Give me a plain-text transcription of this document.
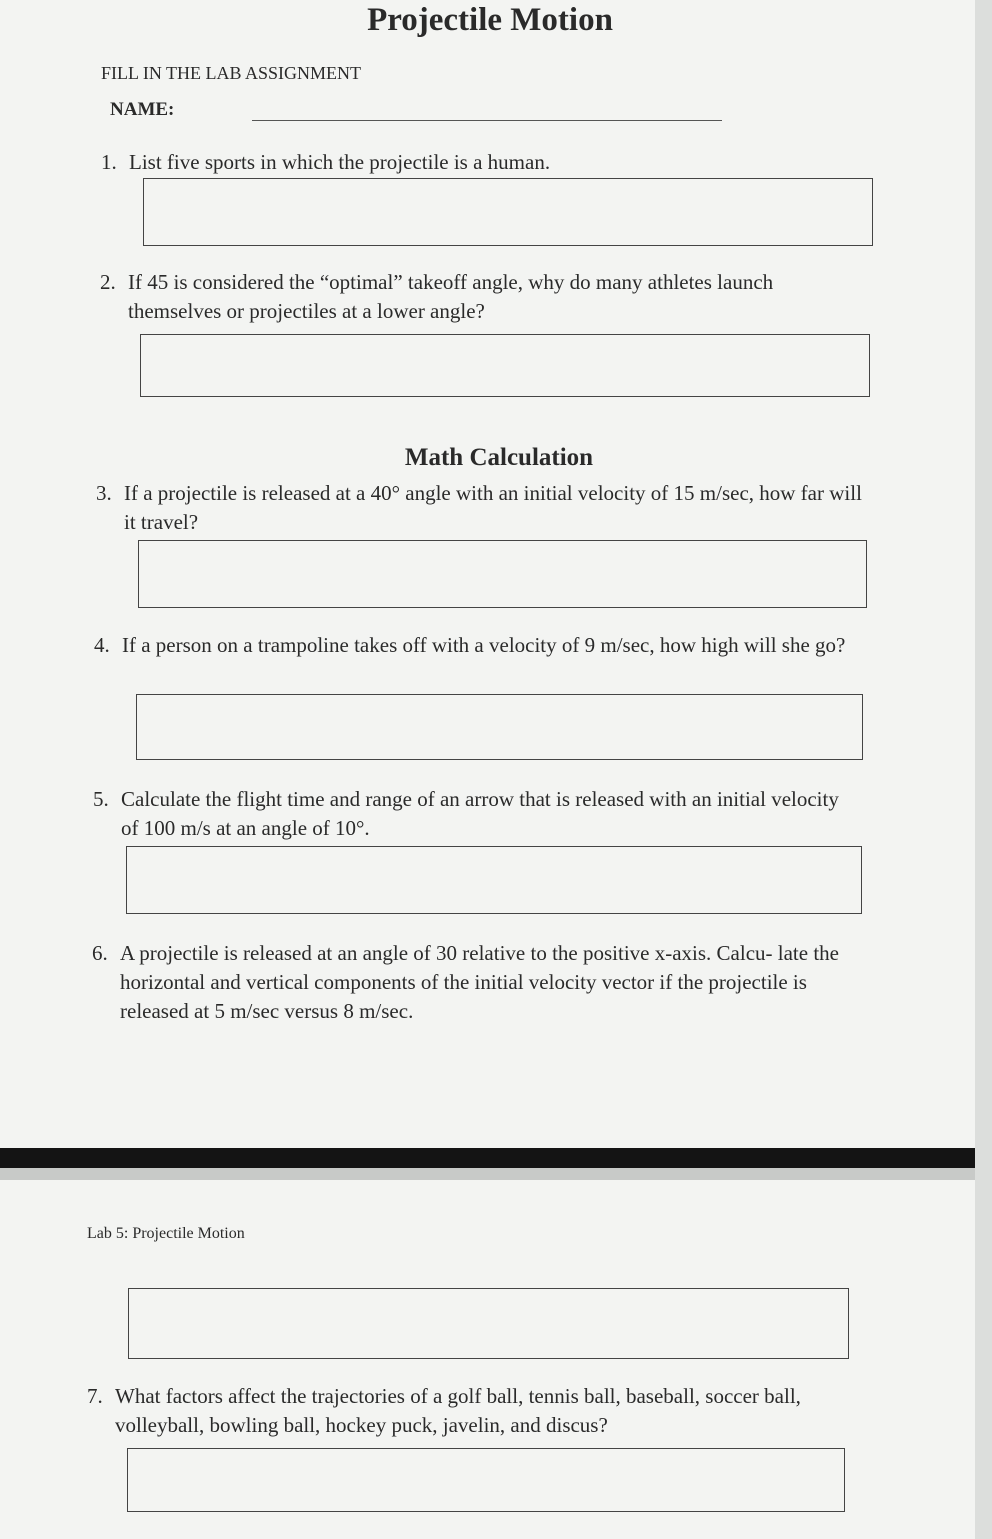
Projectile Motion
FILL IN THE LAB ASSIGNMENT
NAME:
1. List five sports in which the projectile is a human.
2. If 45 is considered the “optimal” takeoff angle, why do many athletes launch themselves or projectiles at a lower angle?
Math Calculation
3. If a projectile is released at a 40° angle with an initial velocity of 15 m/sec, how far will it travel?
4. If a person on a trampoline takes off with a velocity of 9 m/sec, how high will she go?
5. Calculate the flight time and range of an arrow that is released with an initial velocity of 100 m/s at an angle of 10°.
6. A projectile is released at an angle of 30 relative to the positive x-axis. Calcu- late the horizontal and vertical components of the initial velocity vector if the projectile is released at 5 m/sec versus 8 m/sec.
Lab 5: Projectile Motion
7. What factors affect the trajectories of a golf ball, tennis ball, baseball, soccer ball, volleyball, bowling ball, hockey puck, javelin, and discus?
